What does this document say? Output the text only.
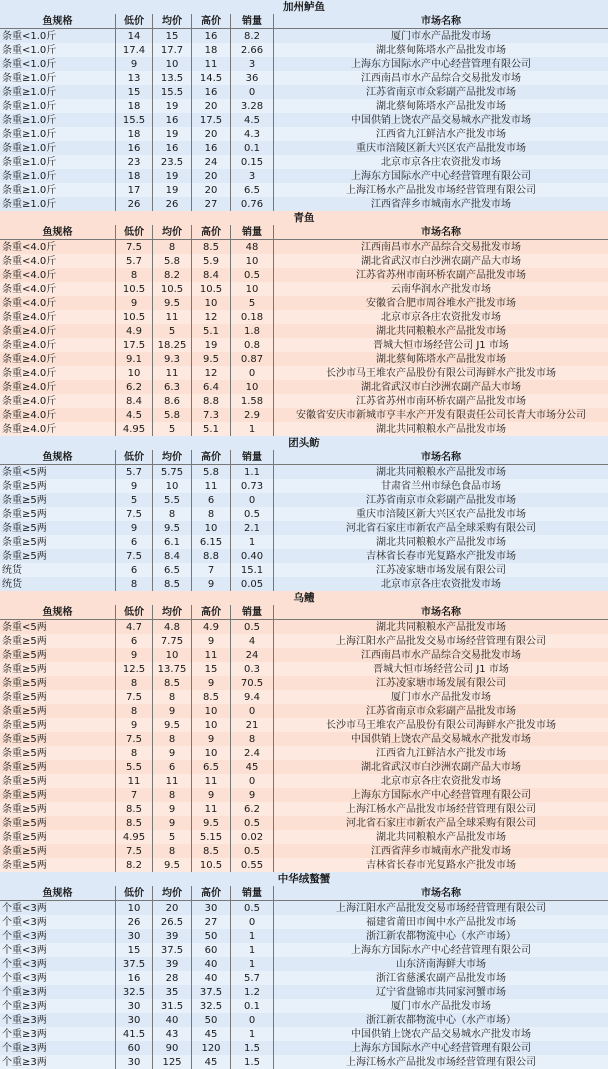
加州鲈鱼
鱼规格	低价	均价	高价	销量	市场名称
条重<1.0斤	14	15	16	8.2	厦门市水产品批发市场
条重<1.0斤	17.4	17.7	18	2.66	湖北蔡甸陈塔水产品批发市场
条重<1.0斤	9	10	11	3	上海东方国际水产中心经营管理有限公司
条重≥1.0斤	13	13.5	14.5	36	江西南昌市水产品综合交易批发市场
条重≥1.0斤	15	15.5	16	0	江苏省南京市众彩副产品批发市场
条重≥1.0斤	18	19	20	3.28	湖北蔡甸陈塔水产品批发市场
条重≥1.0斤	15.5	16	17.5	4.5	中国供销上饶农产品交易城水产批发市场
条重≥1.0斤	18	19	20	4.3	江西省九江鲜洁水产批发市场
条重≥1.0斤	16	16	16	0.1	重庆市涪陵区新大兴区农产品批发市场
条重≥1.0斤	23	23.5	24	0.15	北京市京各庄农资批发市场
条重≥1.0斤	18	19	20	3	上海东方国际水产中心经营管理有限公司
条重≥1.0斤	17	19	20	6.5	上海江杨水产品批发市场经营管理有限公司
条重≥1.0斤	26	26	27	0.76	江西省萍乡市城南水产批发市场
青鱼
鱼规格	低价	均价	高价	销量	市场名称
条重<4.0斤	7.5	8	8.5	48	江西南昌市水产品综合交易批发市场
条重<4.0斤	5.7	5.8	5.9	10	湖北省武汉市白沙洲农副产品大市场
条重<4.0斤	8	8.2	8.4	0.5	江苏省苏州市南环桥农副产品批发市场
条重<4.0斤	10.5	10.5	10.5	10	云南华润水产批发市场
条重<4.0斤	9	9.5	10	5	安徽省合肥市周谷堆水产批发市场
条重≥4.0斤	10.5	11	12	0.18	北京市京各庄农资批发市场
条重≥4.0斤	4.9	5	5.1	1.8	湖北共同粮粮水产品批发市场
条重≥4.0斤	17.5	18.25	19	0.8	晋城大恒市场经营公司 J1 市场
条重≥4.0斤	9.1	9.3	9.5	0.87	湖北蔡甸陈塔水产品批发市场
条重≥4.0斤	10	11	12	0	长沙市马王堆农产品股份有限公司海鲜水产批发市场
条重≥4.0斤	6.2	6.3	6.4	10	湖北省武汉市白沙洲农副产品大市场
条重≥4.0斤	8.4	8.6	8.8	1.58	江苏省苏州市南环桥农副产品批发市场
条重≥4.0斤	4.5	5.8	7.3	2.9	安徽省安庆市新城市亨丰水产开发有限责任公司长青大市场分公司
条重≥4.0斤	4.95	5	5.1	1	湖北共同粮粮水产品批发市场
团头鲂
鱼规格	低价	均价	高价	销量	市场名称
条重<5两	5.7	5.75	5.8	1.1	湖北共同粮粮水产品批发市场
条重≥5两	9	10	11	0.73	甘肃省兰州市绿色食品市场
条重≥5两	5	5.5	6	0	江苏省南京市众彩副产品批发市场
条重≥5两	7.5	8	8	0.5	重庆市涪陵区新大兴区农产品批发市场
条重≥5两	9	9.5	10	2.1	河北省石家庄市新农产品全球采购有限公司
条重≥5两	6	6.1	6.15	1	湖北共同粮粮水产品批发市场
条重≥5两	7.5	8.4	8.8	0.40	吉林省长春市光复路水产批发市场
统货	6	6.5	7	15.1	江苏凌家塘市场发展有限公司
统货	8	8.5	9	0.05	北京市京各庄农资批发市场
乌鳢
鱼规格	低价	均价	高价	销量	市场名称
条重<5两	4.7	4.8	4.9	0.5	湖北共同粮粮水产品批发市场
条重≥5两	6	7.75	9	4	上海江阳水产品批发交易市场经营管理有限公司
条重≥5两	9	10	11	24	江西南昌市水产品综合交易批发市场
条重≥5两	12.5	13.75	15	0.3	晋城大恒市场经营公司 J1 市场
条重≥5两	8	8.5	9	70.5	江苏凌家塘市场发展有限公司
条重≥5两	7.5	8	8.5	9.4	厦门市水产品批发市场
条重≥5两	8	9	10	0	江苏省南京市众彩副产品批发市场
条重≥5两	9	9.5	10	21	长沙市马王堆农产品股份有限公司海鲜水产批发市场
条重≥5两	7.5	8	9	8	中国供销上饶农产品交易城水产批发市场
条重≥5两	8	9	10	2.4	江西省九江鲜洁水产批发市场
条重≥5两	5.5	6	6.5	45	湖北省武汉市白沙洲农副产品大市场
条重≥5两	11	11	11	0	北京市京各庄农资批发市场
条重≥5两	7	8	9	9	上海东方国际水产中心经营管理有限公司
条重≥5两	8.5	9	11	6.2	上海江杨水产品批发市场经营管理有限公司
条重≥5两	8.5	9	9.5	0.5	河北省石家庄市新农产品全球采购有限公司
条重≥5两	4.95	5	5.15	0.02	湖北共同粮粮水产品批发市场
条重≥5两	7.5	8	8.5	0.5	江西省萍乡市城南水产批发市场
条重≥5两	8.2	9.5	10.5	0.55	吉林省长春市光复路水产批发市场
中华绒螯蟹
鱼规格	低价	均价	高价	销量	市场名称
个重<3两	10	20	30	0.5	上海江阳水产品批发交易市场经营管理有限公司
个重<3两	26	26.5	27	0	福建省莆田市闽中水产品批发市场
个重<3两	30	39	50	1	浙江新农都物流中心（水产市场）
个重<3两	15	37.5	60	1	上海东方国际水产中心经营管理有限公司
个重<3两	37.5	39	40	1	山东济南海鲜大市场
个重<3两	16	28	40	5.7	浙江省慈溪农副产品批发市场
个重≥3两	32.5	35	37.5	1.2	辽宁省盘锦市共同家河蟹市场
个重≥3两	30	31.5	32.5	0.1	厦门市水产品批发市场
个重≥3两	30	40	50	0	浙江新农都物流中心（水产市场）
个重≥3两	41.5	43	45	1	中国供销上饶农产品交易城水产批发市场
个重≥3两	60	90	120	1.5	上海东方国际水产中心经营管理有限公司
个重≥3两	30	125	45	1.5	上海江杨水产品批发市场经营管理有限公司
